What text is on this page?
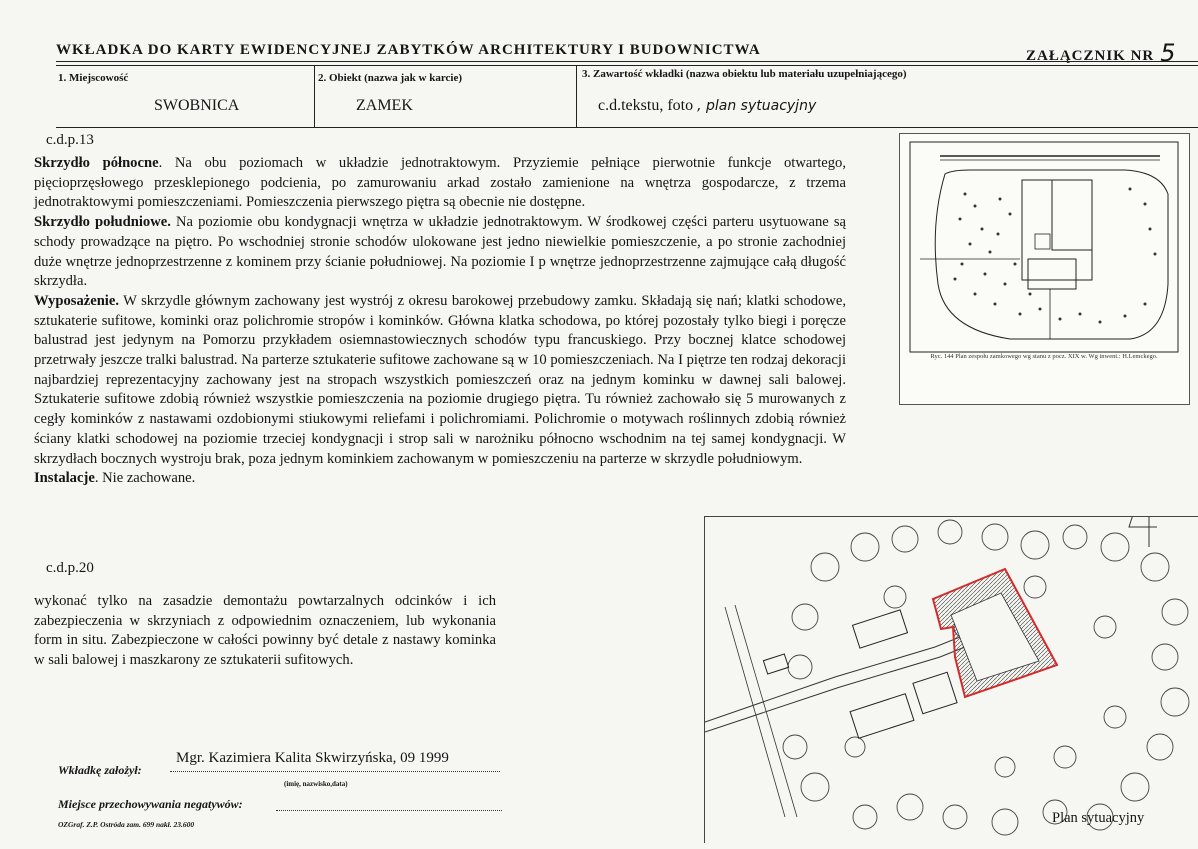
WKŁADKA DO KARTY EWIDENCYJNEJ ZABYTKÓW ARCHITEKTURY I BUDOWNICTWA	ZAŁĄCZNIK NR 5
1. Miejscowość
SWOBNICA
2. Obiekt (nazwa jak w karcie)
ZAMEK
3. Zawartość wkładki (nazwa obiektu lub materiału uzupełniającego)
c.d.tekstu, foto , plan sytuacyjny
c.d.p.13

Skrzydło północne. Na obu poziomach w układzie jednotraktowym. Przyziemie pełniące pierwotnie funkcje otwartego, pięcioprzęsłowego przesklepionego podcienia, po zamurowaniu arkad zostało zamienione na wnętrza gospodarcze, z trzema jednotraktowymi pomieszczeniami. Pomieszczenia pierwszego piętra są obecnie nie dostępne.

Skrzydło południowe. Na poziomie obu kondygnacji wnętrza w układzie jednotraktowym. W środkowej części parteru usytuowane są schody prowadzące na piętro. Po wschodniej stronie schodów ulokowane jest jedno niewielkie pomieszczenie, a po stronie zachodniej duże wnętrze jednoprzestrzenne z kominem przy ścianie południowej. Na poziomie I p wnętrze jednoprzestrzenne zajmujące całą długość skrzydła.

Wyposażenie. W skrzydle głównym zachowany jest wystrój z okresu barokowej przebudowy zamku. Składają się nań; klatki schodowe, sztukaterie sufitowe, kominki oraz polichromie stropów i kominków. Główna klatka schodowa, po której pozostały tylko biegi i poręcze balustrad jest jedynym na Pomorzu przykładem osiemnastowiecznych schodów typu francuskiego. Przy bocznej klatce schodowej przetrwały jeszcze tralki balustrad. Na parterze sztukaterie sufitowe zachowane są w 10 pomieszczeniach. Na I piętrze ten rodzaj dekoracji najbardziej reprezentacyjny zachowany jest na stropach wszystkich pomieszczeń oraz na jednym kominku w dawnej sali balowej. Sztukaterie sufitowe zdobią również wszystkie pomieszczenia na poziomie drugiego piętra. Tu również zachowało się 5 murowanych z cegły kominków z nastawami ozdobionymi stiukowymi reliefami i polichromiami. Polichromie o motywach roślinnych zdobią również ściany klatki schodowej na poziomie trzeciej kondygnacji i strop sali w narożniku północno wschodnim na tej samej kondygnacji. W skrzydłach bocznych wystroju brak, poza jednym kominkiem zachowanym w pomieszczeniu na parterze w skrzydle południowym.

Instalacje. Nie zachowane.

c.d.p.20
wykonać tylko na zasadzie demontażu powtarzalnych odcinków i ich zabezpieczenia w skrzyniach z odpowiednim oznaczeniem, lub wykonania form in situ. Zabezpieczone w całości powinny być detale z nastawy kominka w sali balowej i maszkarony ze sztukaterii sufitowych.
Ryc. 144 Plan zespołu zamkowego wg stanu z pocz. XIX w. Wg inwent.: H.Lemckego.
Plan sytuacyjny
Wkładkę założył:
Mgr. Kazimiera Kalita Skwirzyńska, 09 1999
(imię, nazwisko,data)
Miejsce przechowywania negatywów:
OZGraf. Z.P. Ostróda zam. 699 nakł. 23.600
